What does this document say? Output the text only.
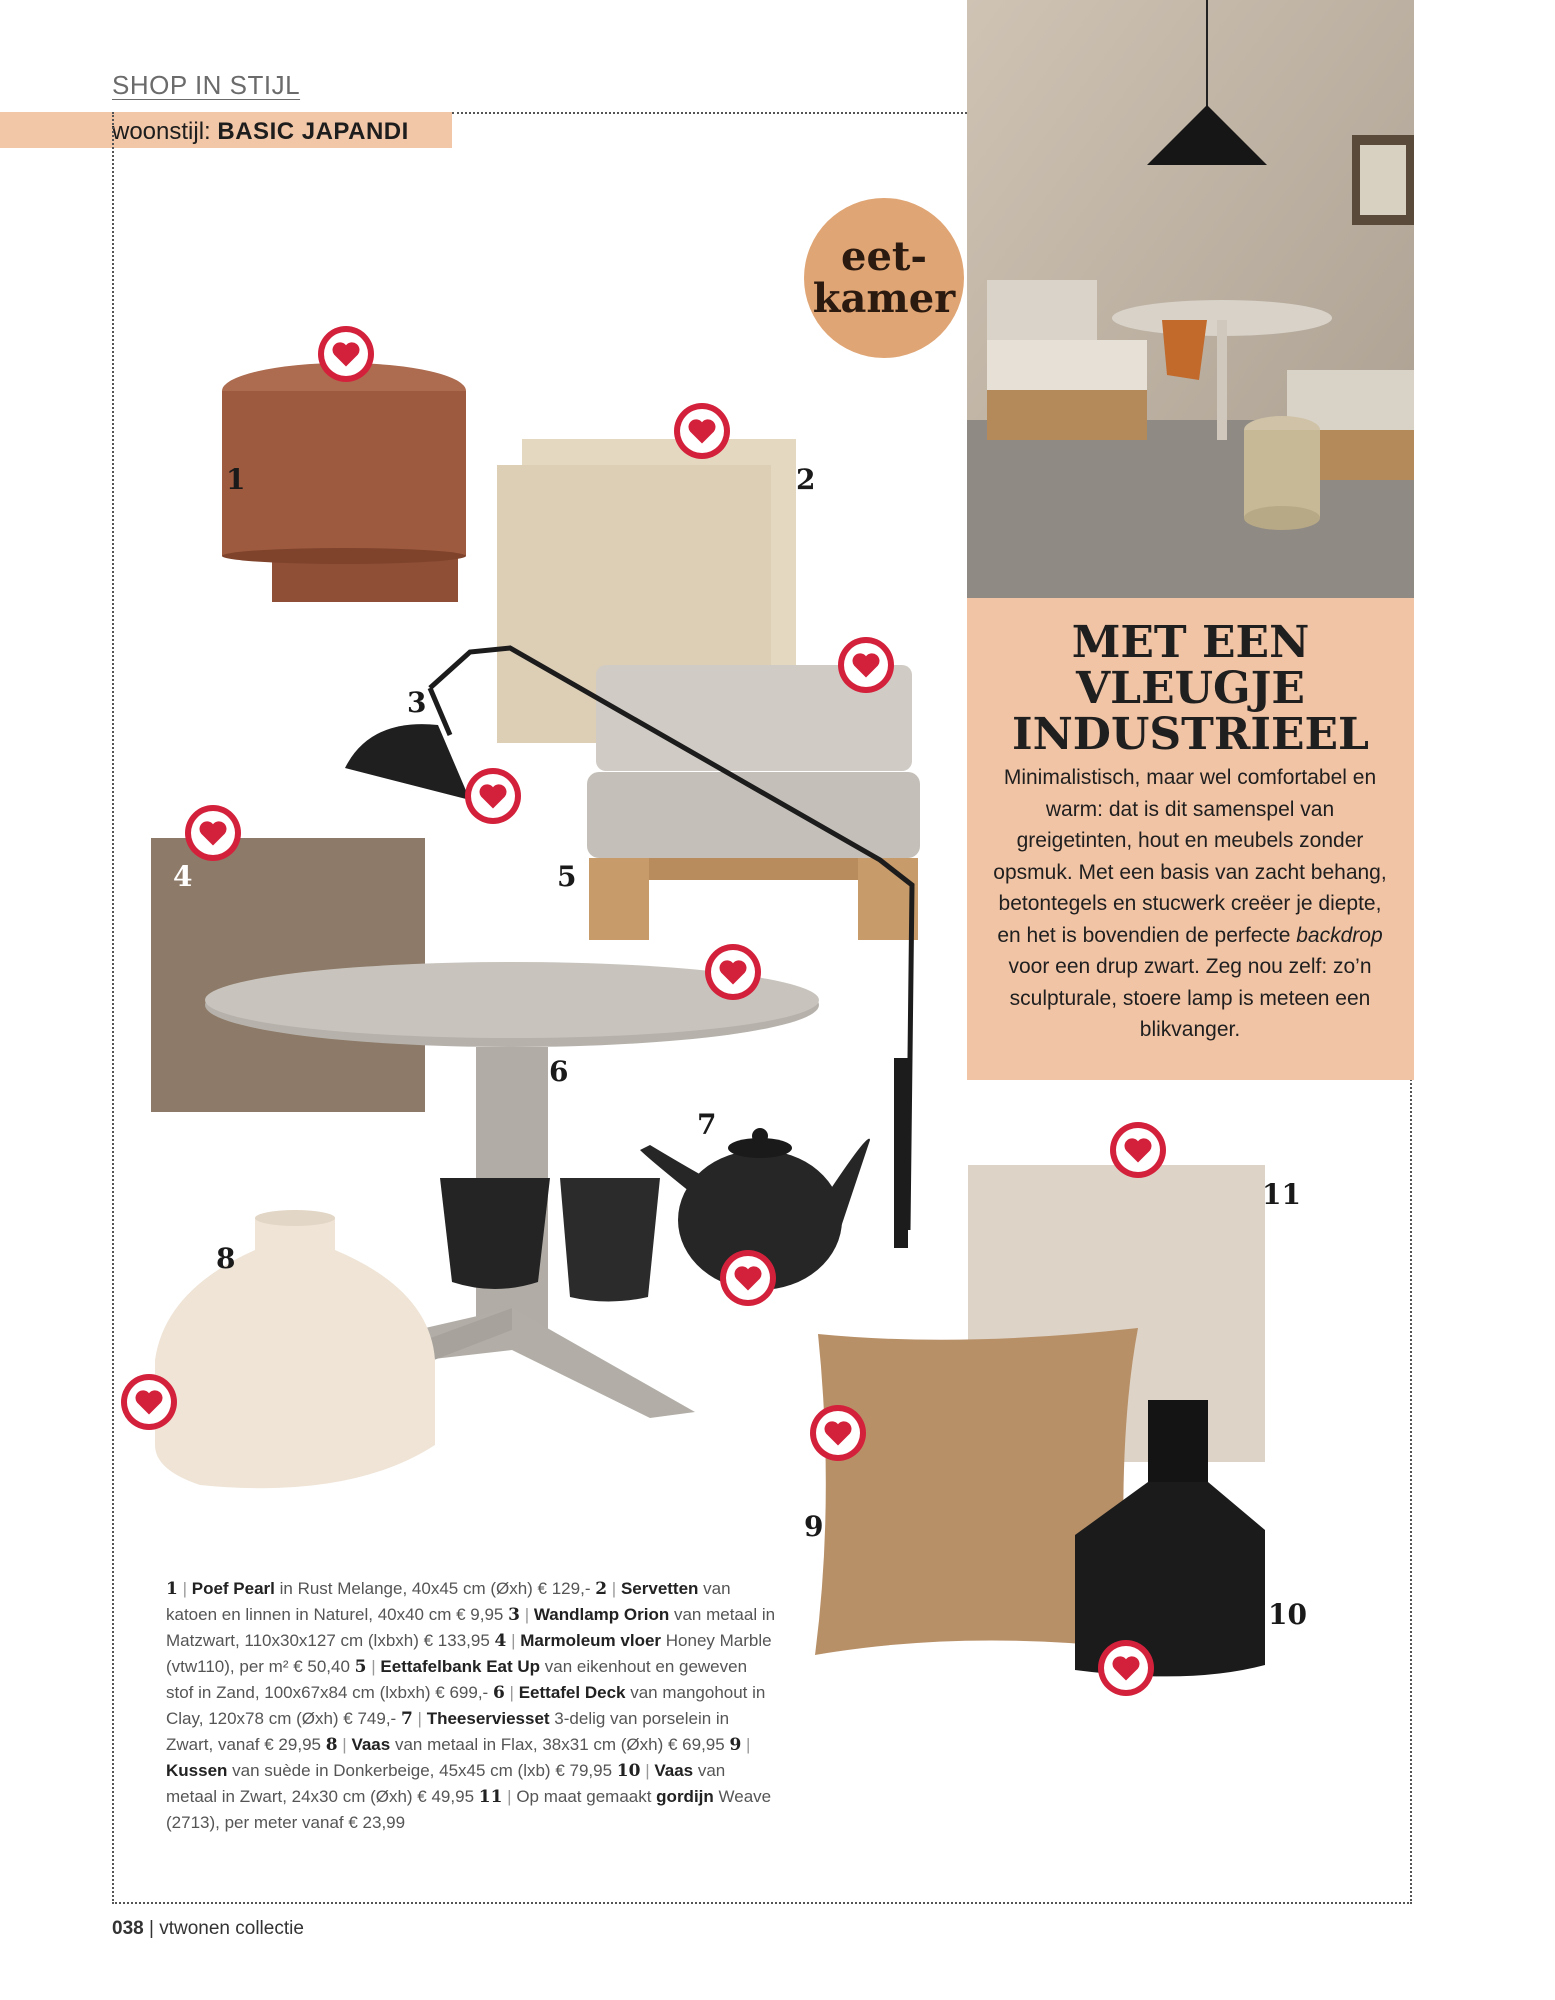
SHOP IN STIJL
woonstijl: BASIC JAPANDI
MET EEN
VLEUGJE
INDUSTRIEEL
Minimalistisch, maar wel comfortabel en warm: dat is dit samenspel van greigetinten, hout en meubels zonder opsmuk. Met een basis van zacht behang, betontegels en stucwerk creëer je diepte, en het is bovendien de perfecte backdrop voor een drup zwart. Zeg nou zelf: zo’n sculpturale, stoere lamp is meteen een blikvanger.
eet-
kamer
1	2
3
4	5
6
7
8
9
10
11
1 | Poef Pearl in Rust Melange, 40x45 cm (Øxh) € 129,- 2 | Servetten van katoen en linnen in Naturel, 40x40 cm € 9,95 3 | Wandlamp Orion van metaal in Matzwart, 110x30x127 cm (lxbxh) € 133,95 4 | Marmoleum vloer Honey Marble (vtw110), per m² € 50,40 5 | Eettafelbank Eat Up van eikenhout en geweven stof in Zand, 100x67x84 cm (lxbxh) € 699,- 6 | Eettafel Deck van mangohout in Clay, 120x78 cm (Øxh) € 749,- 7 | Theeserviesset 3-delig van porselein in Zwart, vanaf € 29,95 8 | Vaas van metaal in Flax, 38x31 cm (Øxh) € 69,95 9 | Kussen van suède in Donkerbeige, 45x45 cm (lxb) € 79,95 10 | Vaas van metaal in Zwart, 24x30 cm (Øxh) € 49,95 11 | Op maat gemaakt gordijn Weave (2713), per meter vanaf € 23,99
038 | vtwonen collectie
